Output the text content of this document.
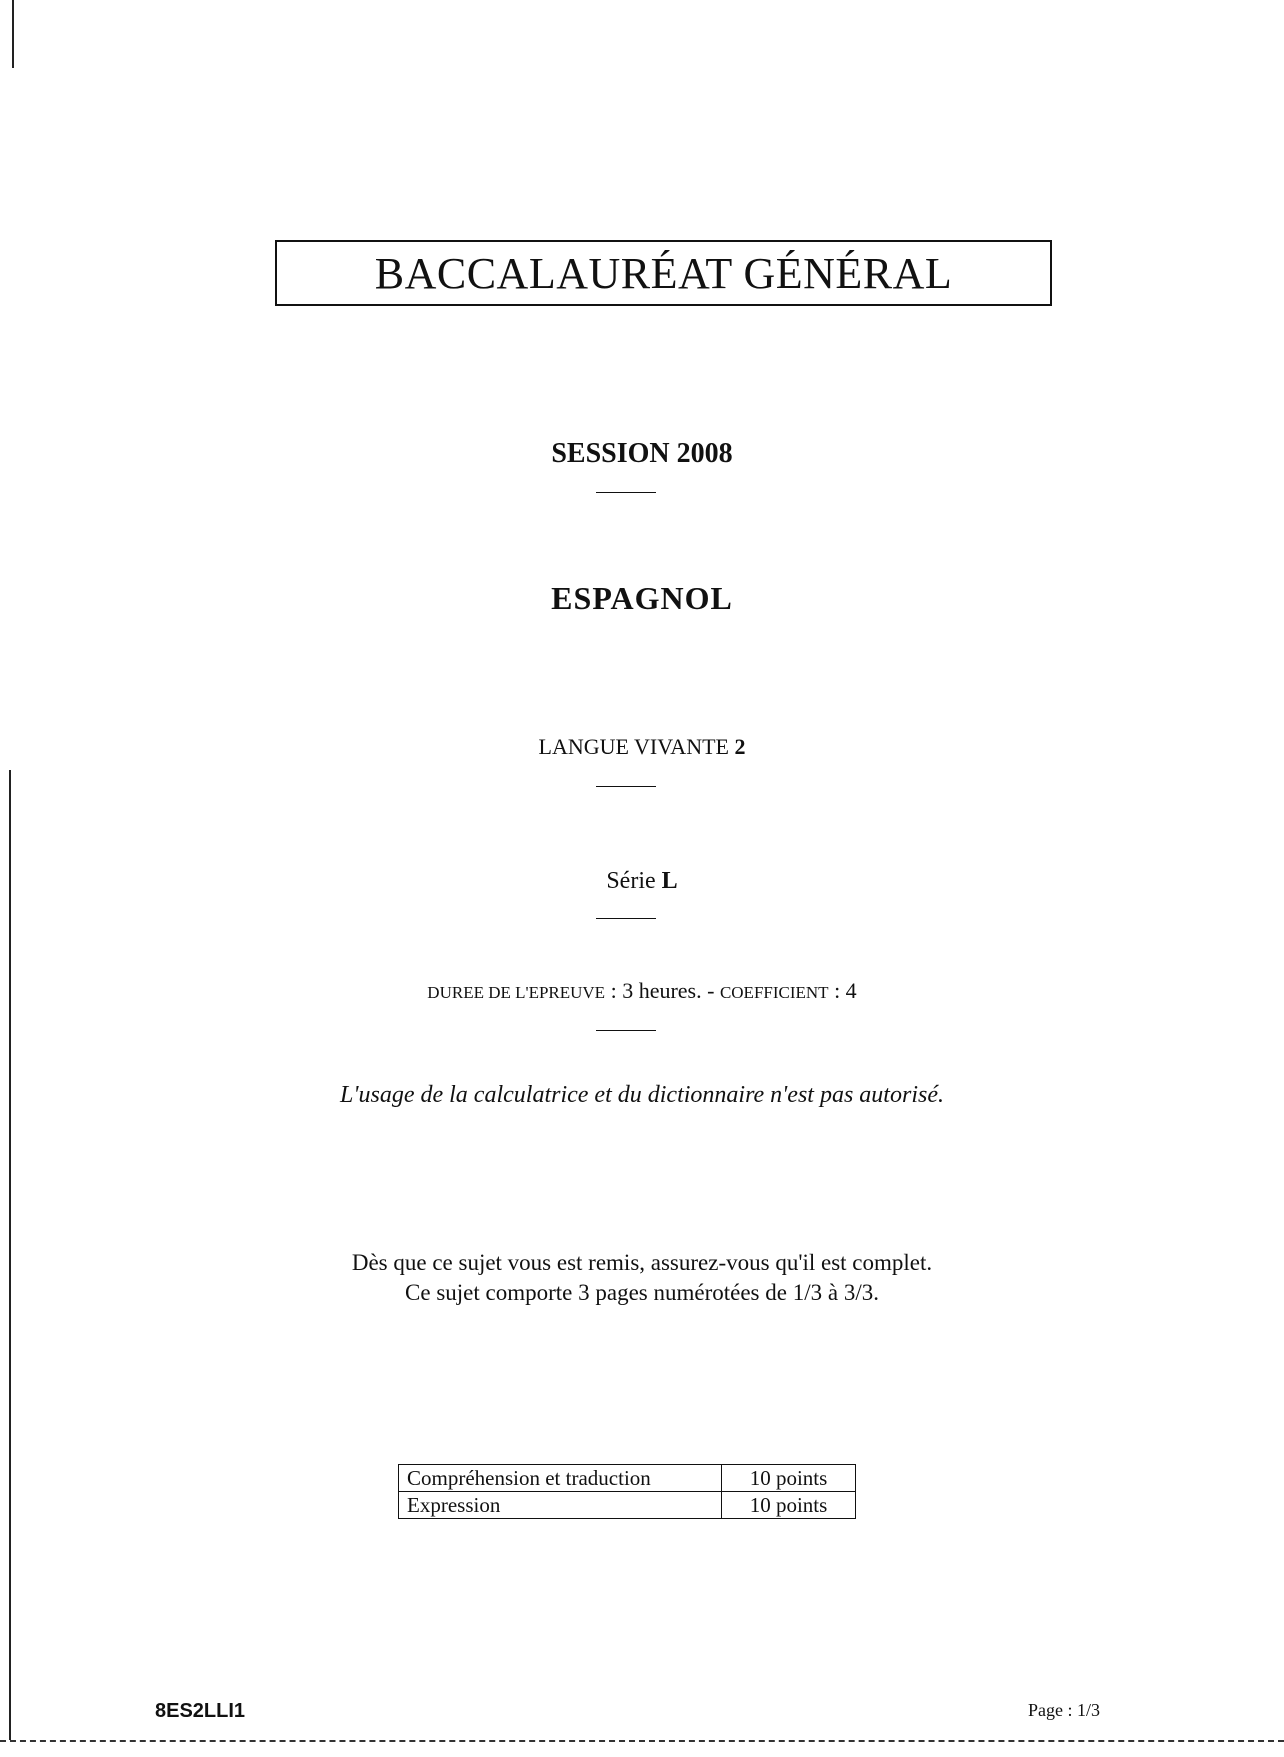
BACCALAURÉAT GÉNÉRAL
SESSION 2008
ESPAGNOL
LANGUE VIVANTE 2
Série L
DUREE DE L'EPREUVE : 3 heures. - COEFFICIENT : 4
L'usage de la calculatrice et du dictionnaire n'est pas autorisé.
Dès que ce sujet vous est remis, assurez-vous qu'il est complet.
Ce sujet comporte 3 pages numérotées de 1/3 à 3/3.
Compréhension et traduction	10 points
Expression	10 points
8ES2LLI1	Page : 1/3
